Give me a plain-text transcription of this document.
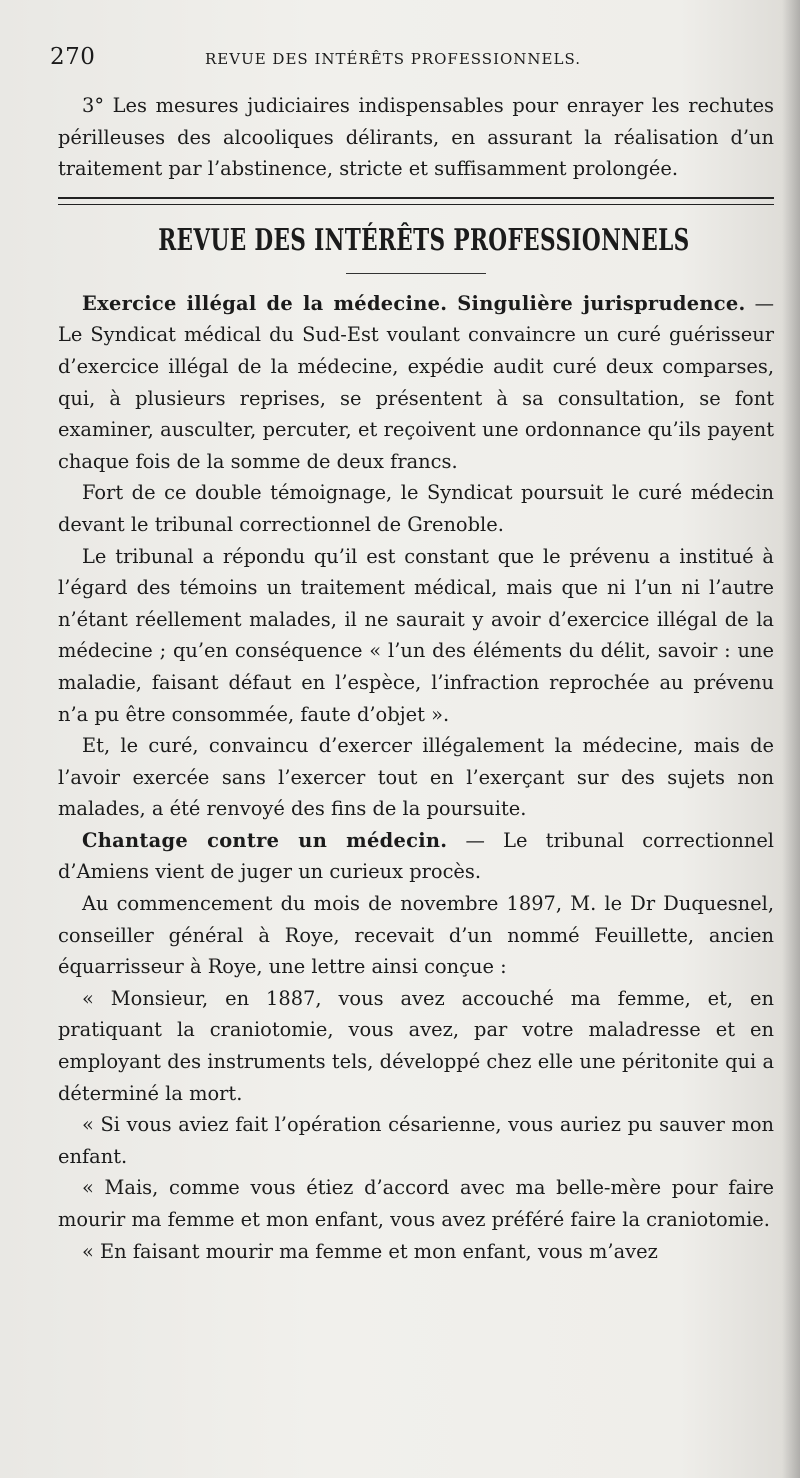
270	REVUE DES INTÉRÊTS PROFESSIONNELS.

3° Les mesures judiciaires indispensables pour enrayer les rechutes périlleuses des alcooliques délirants, en assurant la réalisation d’un traitement par l’abstinence, stricte et suffisamment prolongée.

REVUE DES INTÉRÊTS PROFESSIONNELS

Exercice illégal de la médecine. Singulière jurisprudence. — Le Syndicat médical du Sud-Est voulant convaincre un curé guérisseur d’exercice illégal de la médecine, expédie audit curé deux comparses, qui, à plusieurs reprises, se présentent à sa consultation, se font examiner, ausculter, percuter, et reçoivent une ordonnance qu’ils payent chaque fois de la somme de deux francs.

Fort de ce double témoignage, le Syndicat poursuit le curé médecin devant le tribunal correctionnel de Grenoble.

Le tribunal a répondu qu’il est constant que le prévenu a institué à l’égard des témoins un traitement médical, mais que ni l’un ni l’autre n’étant réellement malades, il ne saurait y avoir d’exercice illégal de la médecine ; qu’en conséquence « l’un des éléments du délit, savoir : une maladie, faisant défaut en l’espèce, l’infraction reprochée au prévenu n’a pu être consommée, faute d’objet ».

Et, le curé, convaincu d’exercer illégalement la médecine, mais de l’avoir exercée sans l’exercer tout en l’exerçant sur des sujets non malades, a été renvoyé des fins de la poursuite.

Chantage contre un médecin. — Le tribunal correctionnel d’Amiens vient de juger un curieux procès.

Au commencement du mois de novembre 1897, M. le Dr Duquesnel, conseiller général à Roye, recevait d’un nommé Feuillette, ancien équarrisseur à Roye, une lettre ainsi conçue :

« Monsieur, en 1887, vous avez accouché ma femme, et, en pratiquant la craniotomie, vous avez, par votre maladresse et en employant des instruments tels, développé chez elle une péritonite qui a déterminé la mort.

« Si vous aviez fait l’opération césarienne, vous auriez pu sauver mon enfant.

« Mais, comme vous étiez d’accord avec ma belle-mère pour faire mourir ma femme et mon enfant, vous avez préféré faire la craniotomie.

« En faisant mourir ma femme et mon enfant, vous m’avez
